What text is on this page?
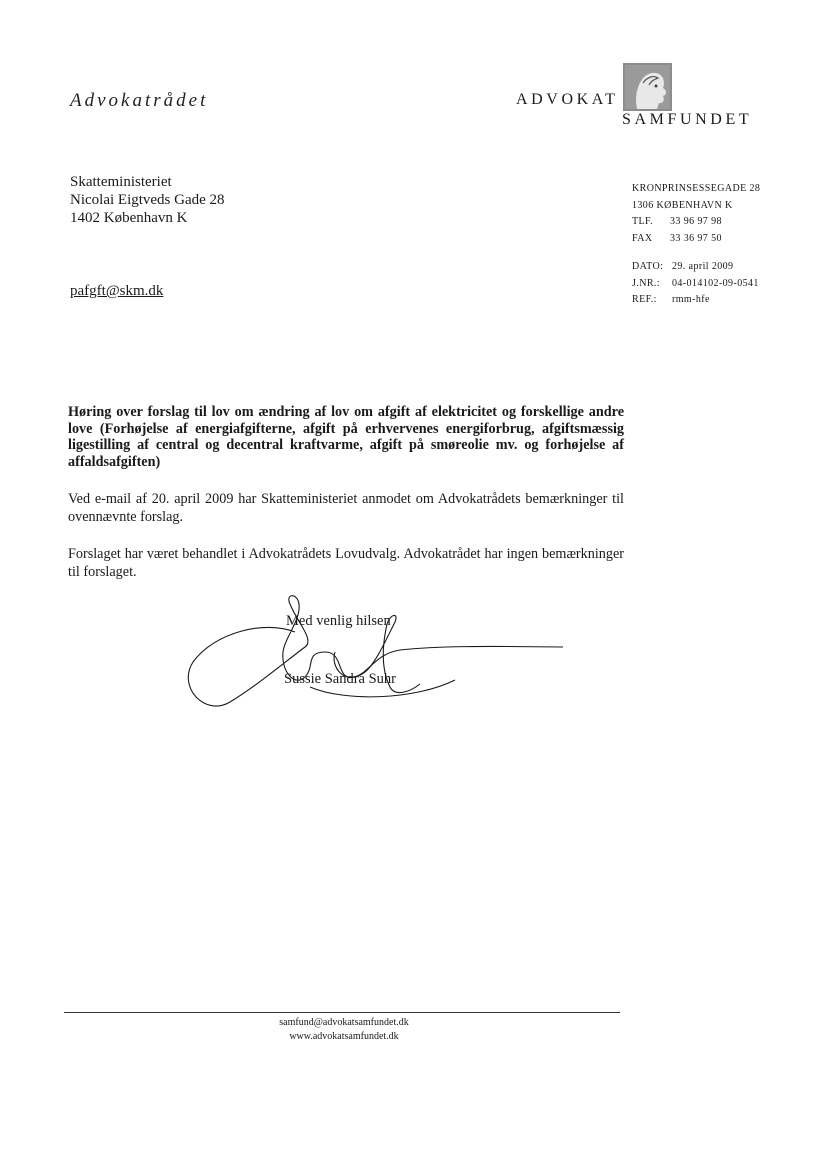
Advokatrådet	ADVOKAT
SAMFUNDET
Skatteministeriet
Nicolai Eigtveds Gade 28
1402 København K
pafgft@skm.dk
KRONPRINSESSEGADE 28
1306 KØBENHAVN K
TLF.	33 96 97 98
FAX	33 36 97 50
DATO: 29. april 2009
J.NR.:	04-014102-09-0541
REF.:	rmm-hfe
Høring over forslag til lov om ændring af lov om afgift af elektricitet og forskellige andre love (Forhøjelse af energiafgifterne, afgift på erhvervenes energiforbrug, afgiftsmæssig ligestilling af central og decentral kraftvarme, afgift på smøreolie mv. og forhøjelse af affaldsafgiften)
Ved e-mail af 20. april 2009 har Skatteministeriet anmodet om Advokatrådets bemærkninger til ovennævnte forslag.
Forslaget har været behandlet i Advokatrådets Lovudvalg. Advokatrådet har ingen bemærkninger til forslaget.
Med venlig hilsen
Sussie Sandra Suhr
samfund@advokatsamfundet.dk
www.advokatsamfundet.dk
